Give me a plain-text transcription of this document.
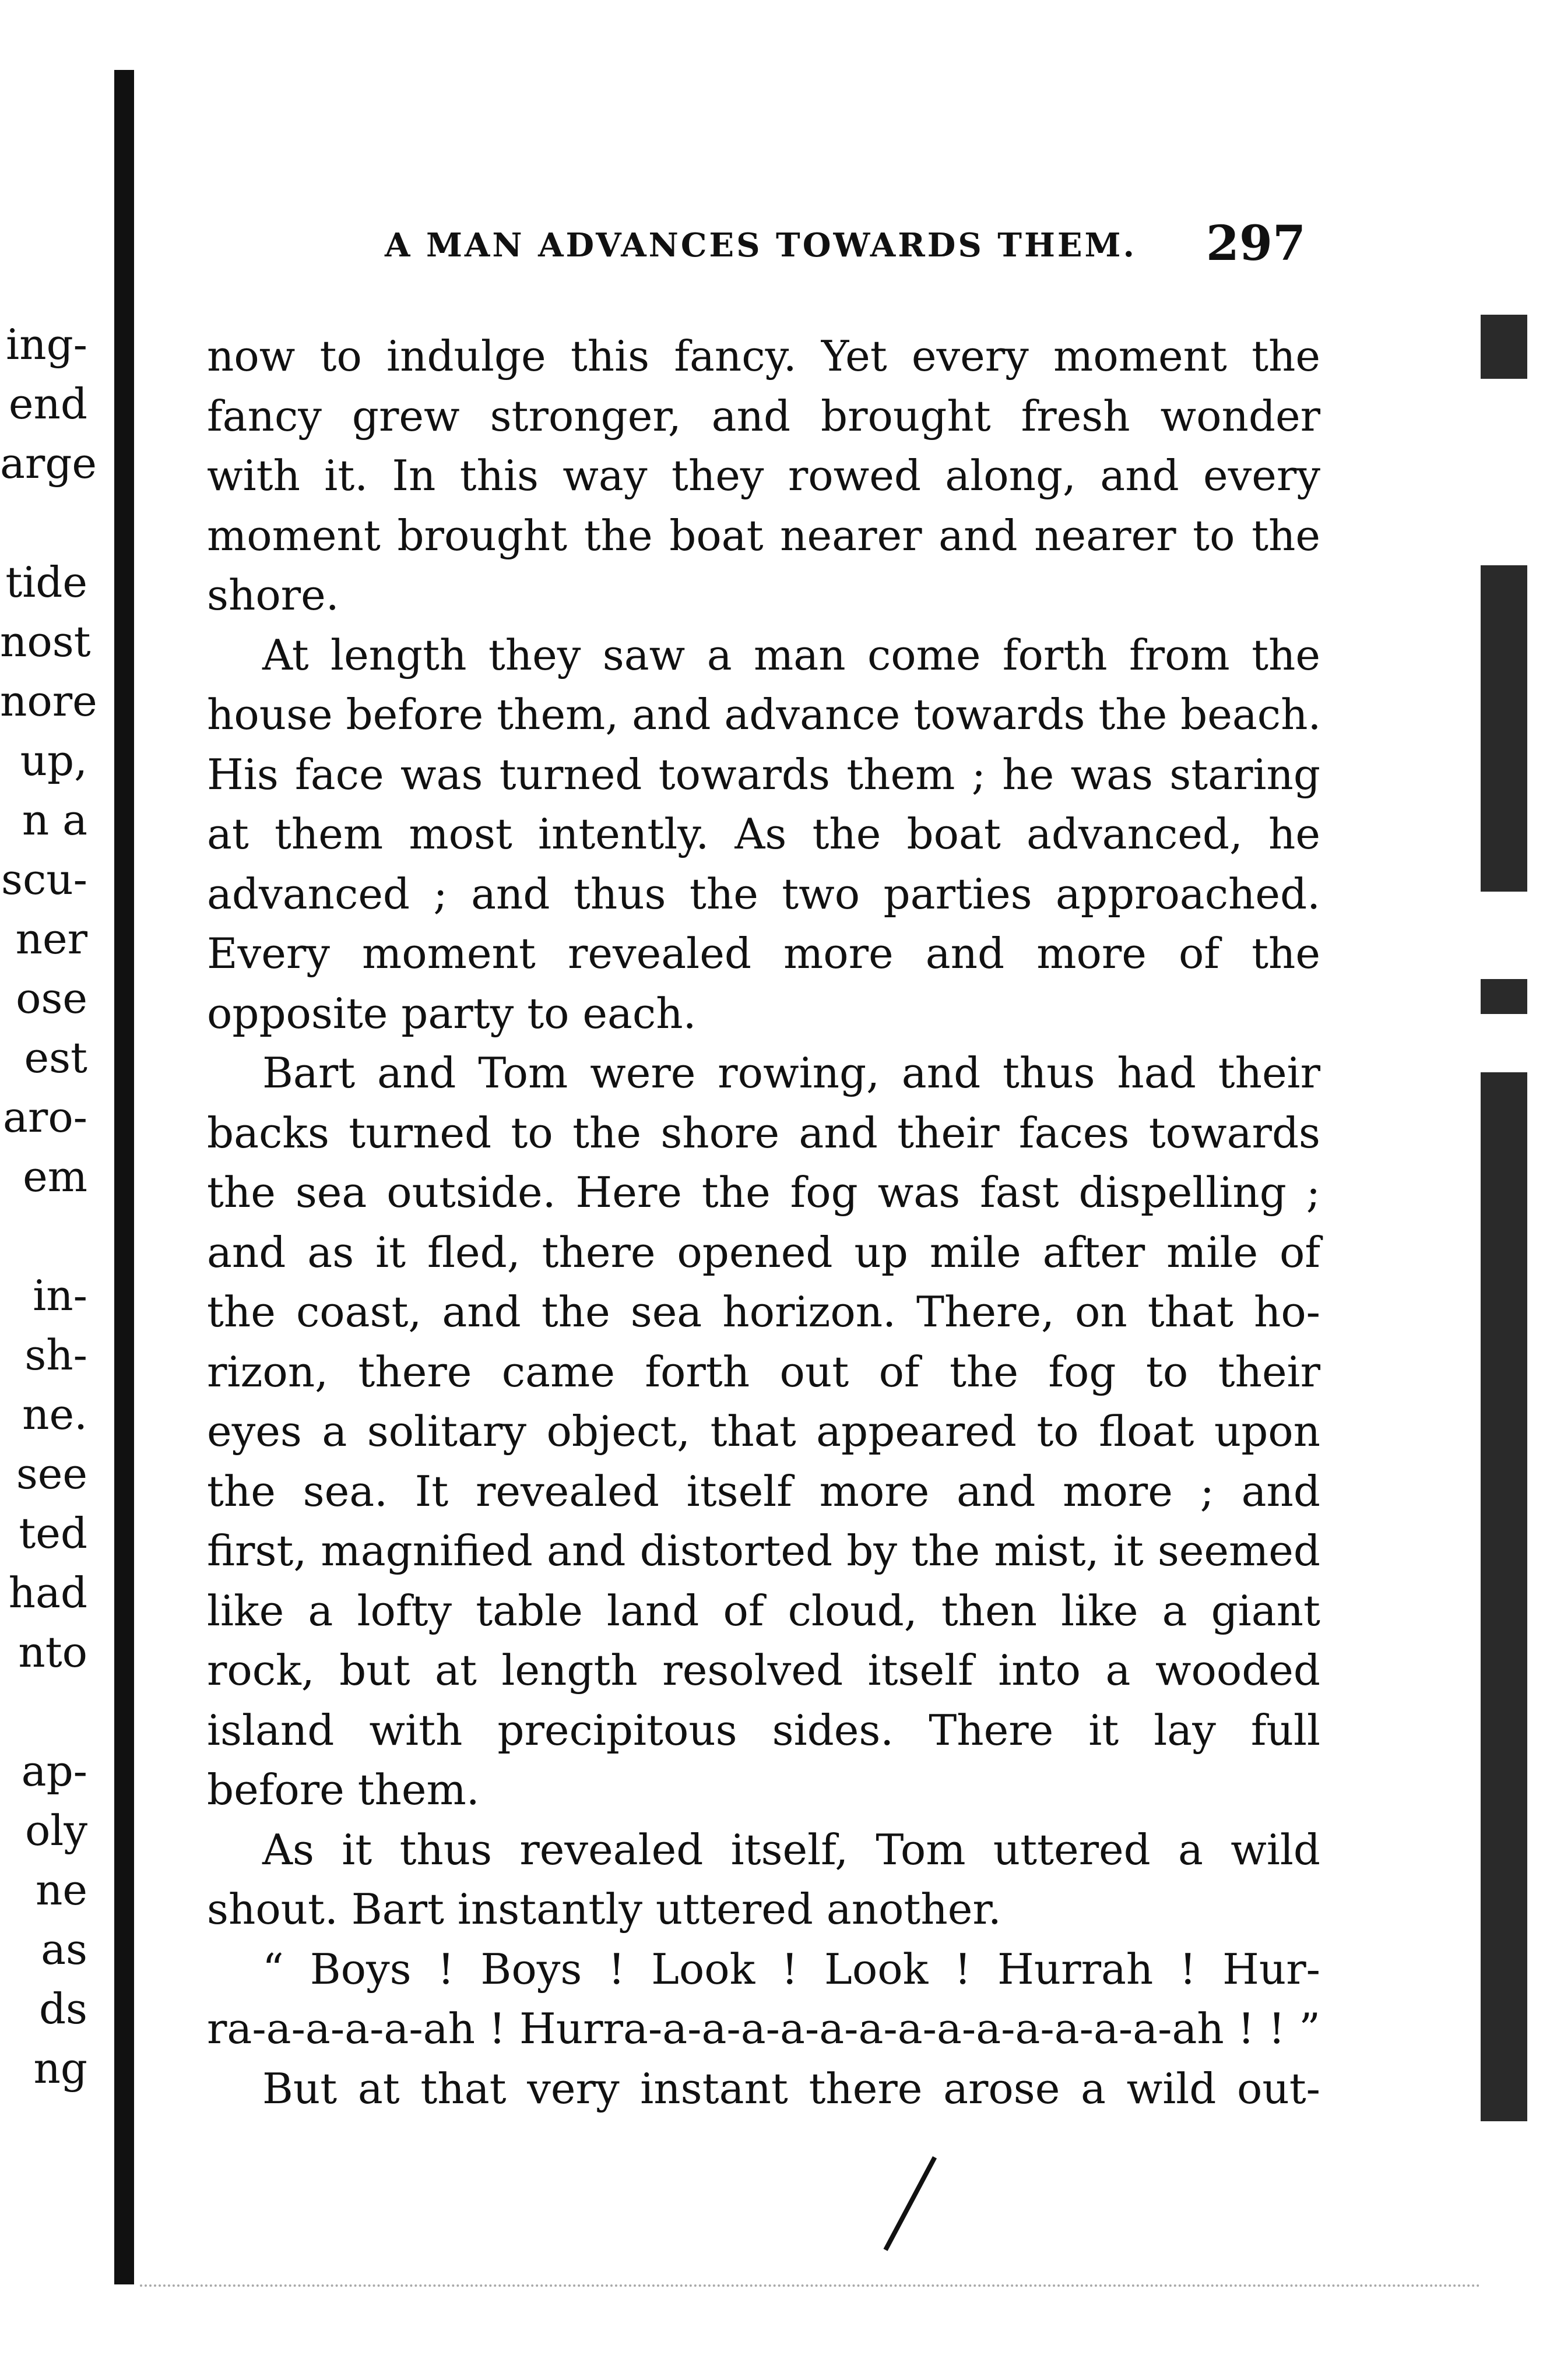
ing-
end
arge
tide
nost
nore
up,
n a
scu-
ner
ose
est
aro-
em
in-
sh-
ne.
see
ted
had
nto
ap-
oly
ne
as
ds
ng
A MAN ADVANCES TOWARDS THEM. 297
now to indulge this fancy. Yet every moment the
fancy grew stronger, and brought fresh wonder
with it. In this way they rowed along, and every
moment brought the boat nearer and nearer to the
shore.
At length they saw a man come forth from the
house before them, and advance towards the beach.
His face was turned towards them ; he was staring
at them most intently. As the boat advanced, he
advanced ; and thus the two parties approached.
Every moment revealed more and more of the
opposite party to each.
Bart and Tom were rowing, and thus had their
backs turned to the shore and their faces towards
the sea outside. Here the fog was fast dispelling ;
and as it fled, there opened up mile after mile of
the coast, and the sea horizon. There, on that ho-
rizon, there came forth out of the fog to their
eyes a solitary object, that appeared to float upon
the sea. It revealed itself more and more ; and
first, magnified and distorted by the mist, it seemed
like a lofty table land of cloud, then like a giant
rock, but at length resolved itself into a wooded
island with precipitous sides. There it lay full
before them.
As it thus revealed itself, Tom uttered a wild
shout. Bart instantly uttered another.
“ Boys ! Boys ! Look ! Look ! Hurrah ! Hur-
ra-a-a-a-a-ah ! Hurra-a-a-a-a-a-a-a-a-a-a-a-a-a-ah ! ! ”
But at that very instant there arose a wild out-
